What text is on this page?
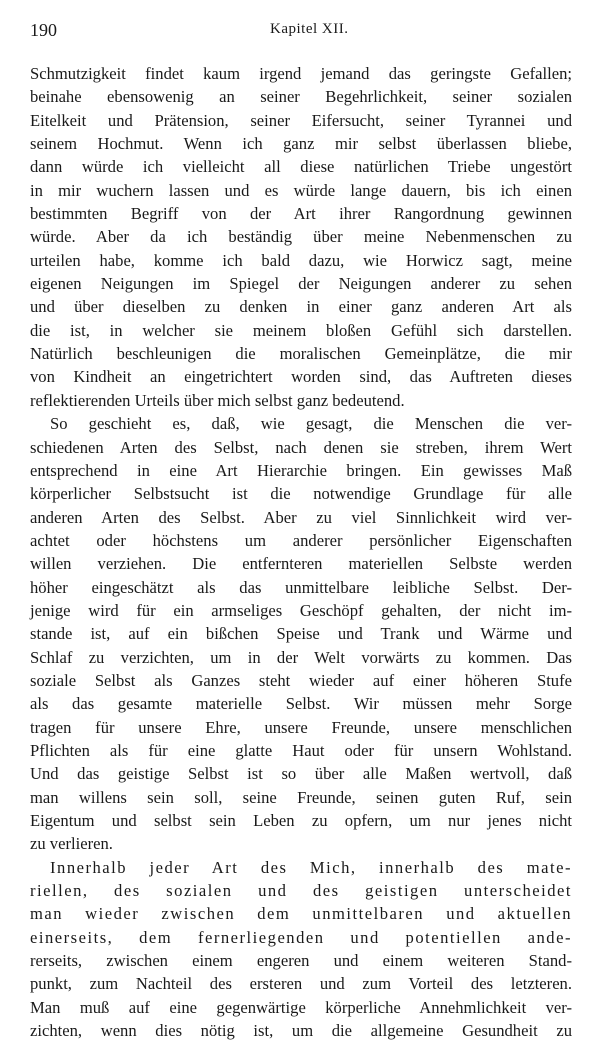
190	Kapitel XII.
Schmutzigkeit findet kaum irgend jemand das geringste Gefallen;
beinahe ebensowenig an seiner Begehrlichkeit, seiner sozialen
Eitelkeit und Prätension, seiner Eifersucht, seiner Tyrannei und
seinem Hochmut. Wenn ich ganz mir selbst überlassen bliebe,
dann würde ich vielleicht all diese natürlichen Triebe ungestört
in mir wuchern lassen und es würde lange dauern, bis ich einen
bestimmten Begriff von der Art ihrer Rangordnung gewinnen
würde. Aber da ich beständig über meine Nebenmenschen zu
urteilen habe, komme ich bald dazu, wie Horwicz sagt, meine
eigenen Neigungen im Spiegel der Neigungen anderer zu sehen
und über dieselben zu denken in einer ganz anderen Art als
die ist, in welcher sie meinem bloßen Gefühl sich darstellen.
Natürlich beschleunigen die moralischen Gemeinplätze, die mir
von Kindheit an eingetrichtert worden sind, das Auftreten dieses
reflektierenden Urteils über mich selbst ganz bedeutend.
So geschieht es, daß, wie gesagt, die Menschen die ver-
schiedenen Arten des Selbst, nach denen sie streben, ihrem Wert
entsprechend in eine Art Hierarchie bringen. Ein gewisses Maß
körperlicher Selbstsucht ist die notwendige Grundlage für alle
anderen Arten des Selbst. Aber zu viel Sinnlichkeit wird ver-
achtet oder höchstens um anderer persönlicher Eigenschaften
willen verziehen. Die entfernteren materiellen Selbste werden
höher eingeschätzt als das unmittelbare leibliche Selbst. Der-
jenige wird für ein armseliges Geschöpf gehalten, der nicht im-
stande ist, auf ein bißchen Speise und Trank und Wärme und
Schlaf zu verzichten, um in der Welt vorwärts zu kommen. Das
soziale Selbst als Ganzes steht wieder auf einer höheren Stufe
als das gesamte materielle Selbst. Wir müssen mehr Sorge
tragen für unsere Ehre, unsere Freunde, unsere menschlichen
Pflichten als für eine glatte Haut oder für unsern Wohlstand.
Und das geistige Selbst ist so über alle Maßen wertvoll, daß
man willens sein soll, seine Freunde, seinen guten Ruf, sein
Eigentum und selbst sein Leben zu opfern, um nur jenes nicht
zu verlieren.
Innerhalb jeder Art des Mich, innerhalb des mate-
riellen, des sozialen und des geistigen unterscheidet
man wieder zwischen dem unmittelbaren und aktuellen
einerseits, dem fernerliegenden und potentiellen ande-
rerseits, zwischen einem engeren und einem weiteren Stand-
punkt, zum Nachteil des ersteren und zum Vorteil des letzteren.
Man muß auf eine gegenwärtige körperliche Annehmlichkeit ver-
zichten, wenn dies nötig ist, um die allgemeine Gesundheit zu
